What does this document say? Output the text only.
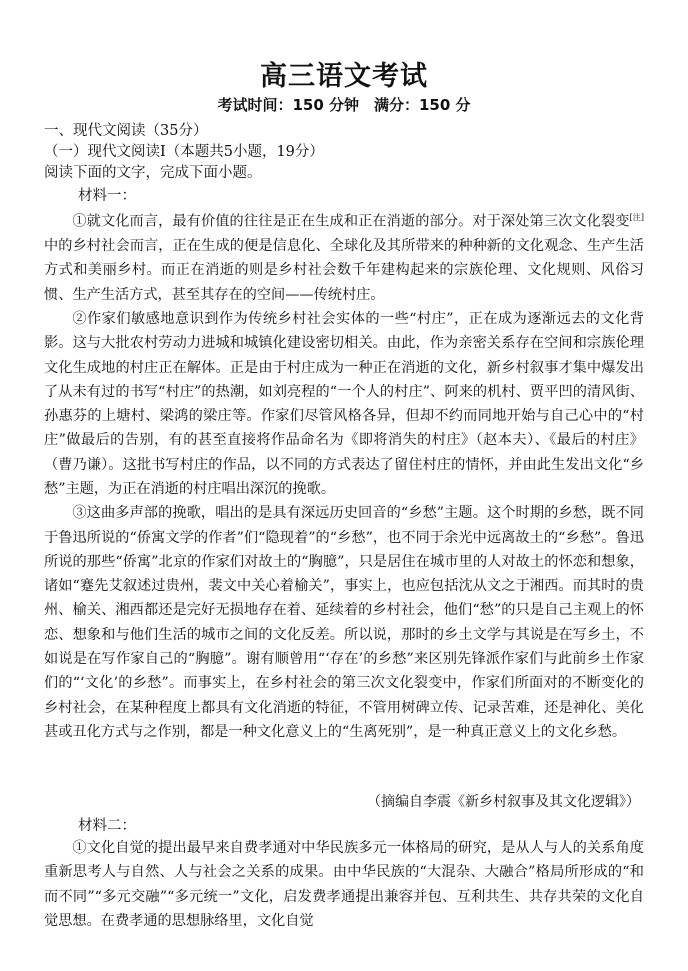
高三语文考试
考试时间：150 分钟　满分：150 分
一、现代文阅读（35分）
（一）现代文阅读Ⅰ（本题共5小题，19分）
阅读下面的文字，完成下面小题。
材料一：

①就文化而言，最有价值的往往是正在生成和正在消逝的部分。对于深处第三次文化裂变[注]中的乡村社会而言，正在生成的便是信息化、全球化及其所带来的种种新的文化观念、生产生活方式和美丽乡村。而正在消逝的则是乡村社会数千年建构起来的宗族伦理、文化规则、风俗习惯、生产生活方式，甚至其存在的空间——传统村庄。

②作家们敏感地意识到作为传统乡村社会实体的一些“村庄”，正在成为逐渐远去的文化背影。这与大批农村劳动力进城和城镇化建设密切相关。由此，作为亲密关系存在空间和宗族伦理文化生成地的村庄正在解体。正是由于村庄成为一种正在消逝的文化，新乡村叙事才集中爆发出了从未有过的书写“村庄”的热潮，如刘亮程的“一个人的村庄”、阿来的机村、贾平凹的清风街、孙惠芬的上塘村、梁鸿的梁庄等。作家们尽管风格各异，但却不约而同地开始与自己心中的“村庄”做最后的告别，有的甚至直接将作品命名为《即将消失的村庄》（赵本夫）、《最后的村庄》（曹乃谦）。这批书写村庄的作品，以不同的方式表达了留住村庄的情怀，并由此生发出文化“乡愁”主题，为正在消逝的村庄唱出深沉的挽歌。

③这曲多声部的挽歌，唱出的是具有深远历史回音的“乡愁”主题。这个时期的乡愁，既不同于鲁迅所说的“侨寓文学的作者”们“隐现着”的“乡愁”，也不同于余光中远离故土的“乡愁”。鲁迅所说的那些“侨寓”北京的作家们对故土的“胸臆”，只是居住在城市里的人对故土的怀恋和想象，诸如“蹇先艾叙述过贵州，裴文中关心着榆关”，事实上，也应包括沈从文之于湘西。而其时的贵州、榆关、湘西都还是完好无损地存在着、延续着的乡村社会，他们“愁”的只是自己主观上的怀恋、想象和与他们生活的城市之间的文化反差。所以说，那时的乡土文学与其说是在写乡土，不如说是在写作家自己的“胸臆”。谢有顺曾用“‘存在’的乡愁”来区别先锋派作家们与此前乡土作家们的“‘文化’的乡愁”。而事实上，在乡村社会的第三次文化裂变中，作家们所面对的不断变化的乡村社会，在某种程度上都具有文化消逝的特征，不管用树碑立传、记录苦难，还是神化、美化甚或丑化方式与之作别，都是一种文化意义上的“生离死别”，是一种真正意义上的文化乡愁。

（摘编自李震《新乡村叙事及其文化逻辑》）
材料二：

①文化自觉的提出最早来自费孝通对中华民族多元一体格局的研究，是从人与人的关系角度重新思考人与自然、人与社会之关系的成果。由中华民族的“大混杂、大融合”格局所形成的“和而不同”“多元交融”“多元统一”文化，启发费孝通提出兼容并包、互利共生、共存共荣的文化自觉思想。在费孝通的思想脉络里，文化自觉
